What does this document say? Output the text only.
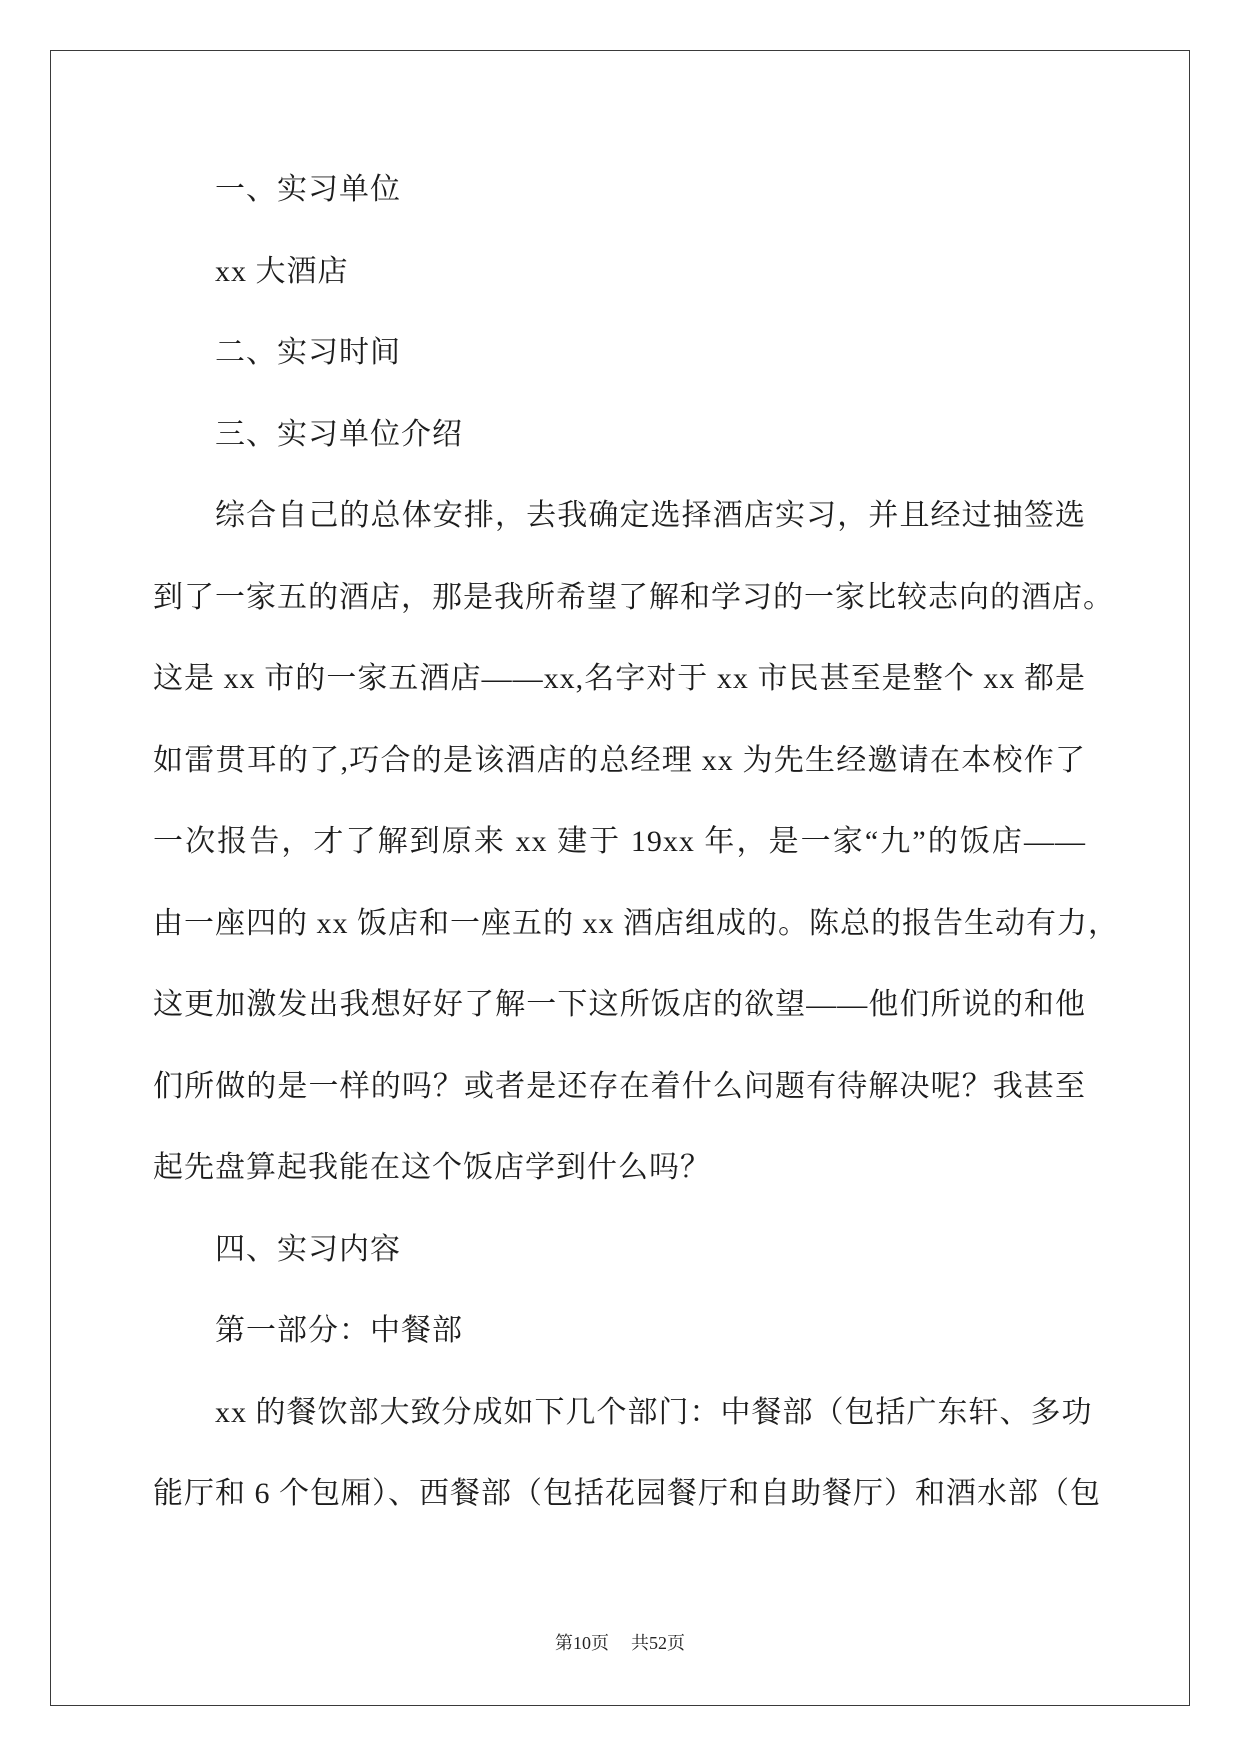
一、实习单位
xx 大酒店
二、实习时间
三、实习单位介绍
综合自己的总体安排，去我确定选择酒店实习，并且经过抽签选
到了一家五的酒店，那是我所希望了解和学习的一家比较志向的酒店。
这是 xx 市的一家五酒店——xx,名字对于 xx 市民甚至是整个 xx 都是
如雷贯耳的了,巧合的是该酒店的总经理 xx 为先生经邀请在本校作了
一次报告，才了解到原来 xx 建于 19xx 年，是一家“九”的饭店——
由一座四的 xx 饭店和一座五的 xx 酒店组成的。陈总的报告生动有力，
这更加激发出我想好好了解一下这所饭店的欲望——他们所说的和他
们所做的是一样的吗？或者是还存在着什么问题有待解决呢？我甚至
起先盘算起我能在这个饭店学到什么吗？
四、实习内容
第一部分：中餐部
xx 的餐饮部大致分成如下几个部门：中餐部（包括广东轩、多功
能厅和 6 个包厢）、西餐部（包括花园餐厅和自助餐厅）和酒水部（包
第10页 共52页
